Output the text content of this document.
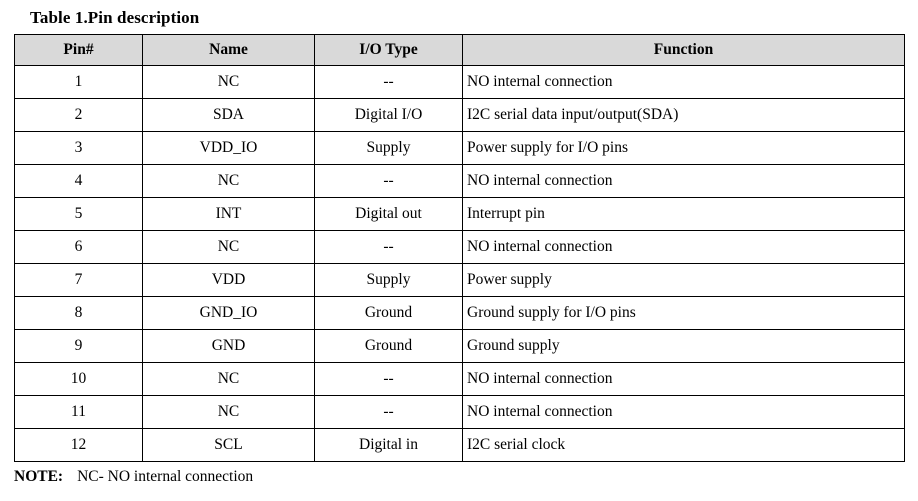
Table 1.Pin description
Pin#	Name	I/O Type	Function
1	NC	--	NO internal connection
2	SDA	Digital I/O	I2C serial data input/output(SDA)
3	VDD_IO	Supply	Power supply for I/O pins
4	NC	--	NO internal connection
5	INT	Digital out	Interrupt pin
6	NC	--	NO internal connection
7	VDD	Supply	Power supply
8	GND_IO	Ground	Ground supply for I/O pins
9	GND	Ground	Ground supply
10	NC	--	NO internal connection
11	NC	--	NO internal connection
12	SCL	Digital in	I2C serial clock
NOTE: NC- NO internal connection
